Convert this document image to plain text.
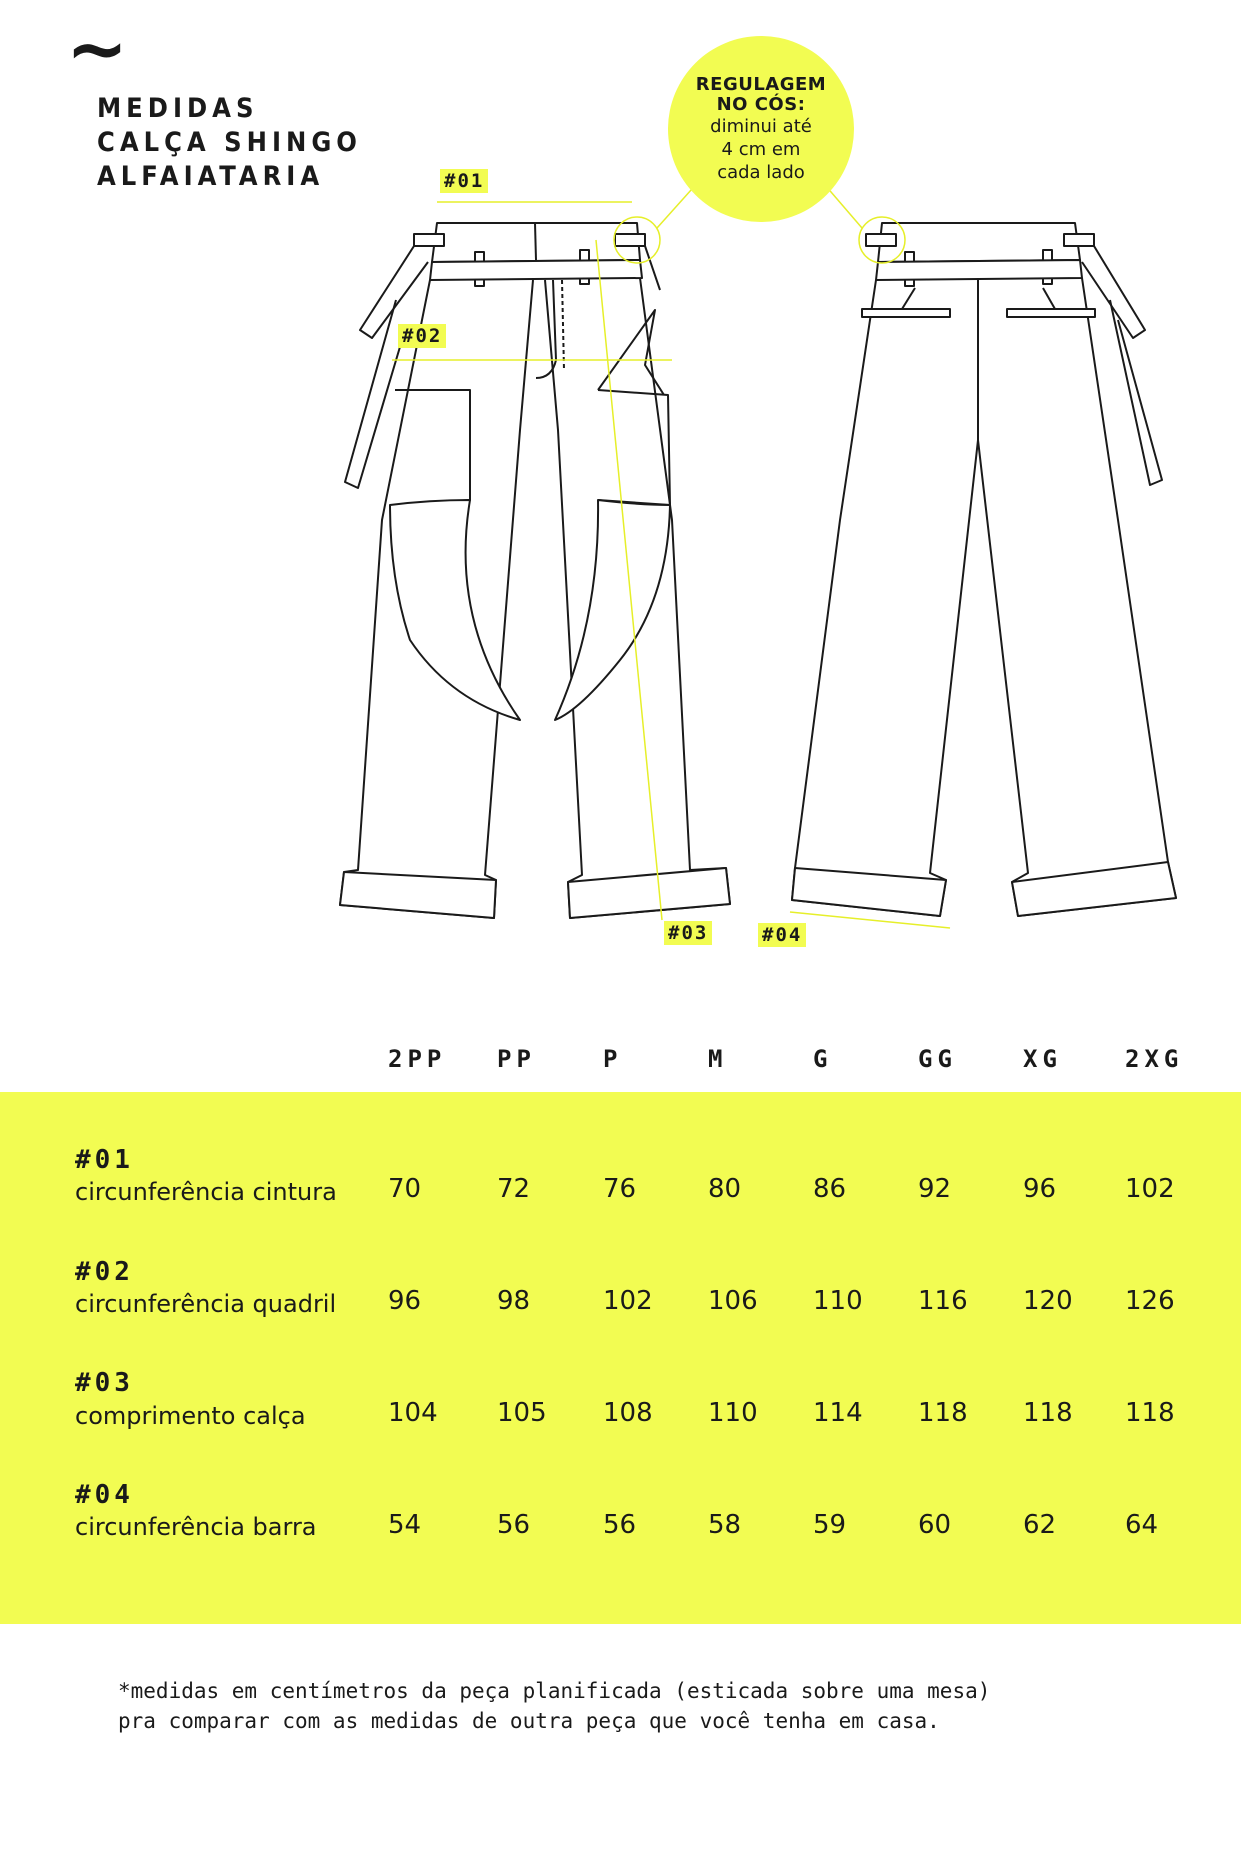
~
MEDIDAS
CALÇA SHINGO
ALFAIATARIA
REGULAGEM
NO CÓS:
diminui até
4 cm em
cada lado
#01
#02
#03	#04
2PP PP	P	M	G	GG	XG	2XG
#01
circunferência cintura 70	72	76	80	86	92	96	102
#02
circunferência quadril 96	98	102 106 110 116 120 126
#03
comprimento calça	104 105 108 110 114 118 118 118
#04
circunferência barra	54	56	56	58	59	60	62	64
*medidas em centímetros da peça planificada (esticada sobre uma mesa)
pra comparar com as medidas de outra peça que você tenha em casa.
